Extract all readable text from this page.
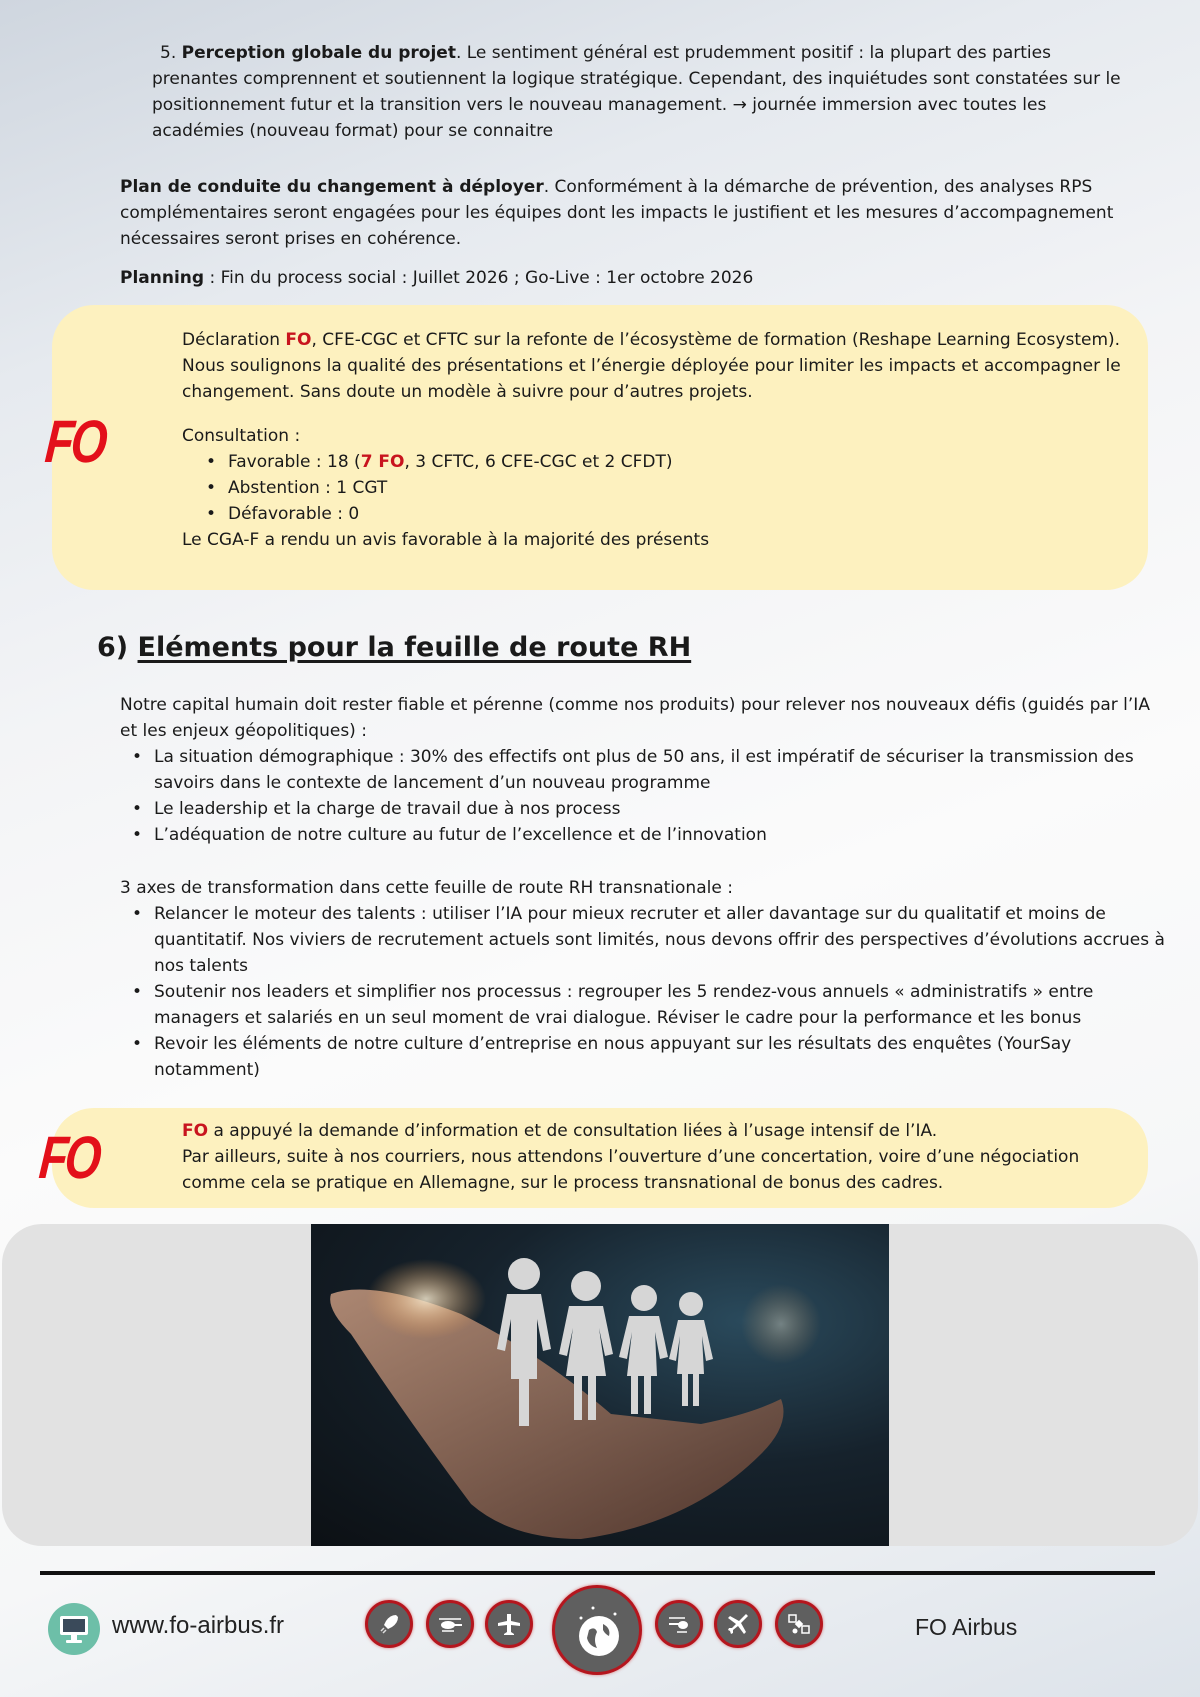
5. Perception globale du projet. Le sentiment général est prudemment positif : la plupart des parties prenantes comprennent et soutiennent la logique stratégique. Cependant, des inquiétudes sont constatées sur le positionnement futur et la transition vers le nouveau management. → journée immersion avec toutes les académies (nouveau format) pour se connaitre
Plan de conduite du changement à déployer. Conformément à la démarche de prévention, des analyses RPS complémentaires seront engagées pour les équipes dont les impacts le justifient et les mesures d’accompagnement nécessaires seront prises en cohérence.
Planning : Fin du process social : Juillet 2026 ; Go-Live : 1er octobre 2026

Déclaration FO, CFE-CGC et CFTC sur la refonte de l’écosystème de formation (Reshape Learning Ecosystem). Nous soulignons la qualité des présentations et l’énergie déployée pour limiter les impacts et accompagner le changement. Sans doute un modèle à suivre pour d’autres projets.

Consultation :

• Favorable : 18 (7 FO, 3 CFTC, 6 CFE-CGC et 2 CFDT)
• Abstention : 1 CGT
• Défavorable : 0

Le CGA-F a rendu un avis favorable à la majorité des présents

FO
6) Eléments pour la feuille de route RH

Notre capital humain doit rester fiable et pérenne (comme nos produits) pour relever nos nouveaux défis (guidés par l’IA et les enjeux géopolitiques) :

• La situation démographique : 30% des effectifs ont plus de 50 ans, il est impératif de sécuriser la transmission des savoirs dans le contexte de lancement d’un nouveau programme
• Le leadership et la charge de travail due à nos process
• L’adéquation de notre culture au futur de l’excellence et de l’innovation

3 axes de transformation dans cette feuille de route RH transnationale :

• Relancer le moteur des talents : utiliser l’IA pour mieux recruter et aller davantage sur du qualitatif et moins de quantitatif. Nos viviers de recrutement actuels sont limités, nous devons offrir des perspectives d’évolutions accrues à nos talents
• Soutenir nos leaders et simplifier nos processus : regrouper les 5 rendez-vous annuels « administratifs » entre managers et salariés en un seul moment de vrai dialogue. Réviser le cadre pour la performance et les bonus
• Revoir les éléments de notre culture d’entreprise en nous appuyant sur les résultats des enquêtes (YourSay notamment)

FO a appuyé la demande d’information et de consultation liées à l’usage intensif de l’IA.

Par ailleurs, suite à nos courriers, nous attendons l’ouverture d’une concertation, voire d’une négociation comme cela se pratique en Allemagne, sur le process transnational de bonus des cadres.

FO
www.fo-airbus.fr	FO Airbus
